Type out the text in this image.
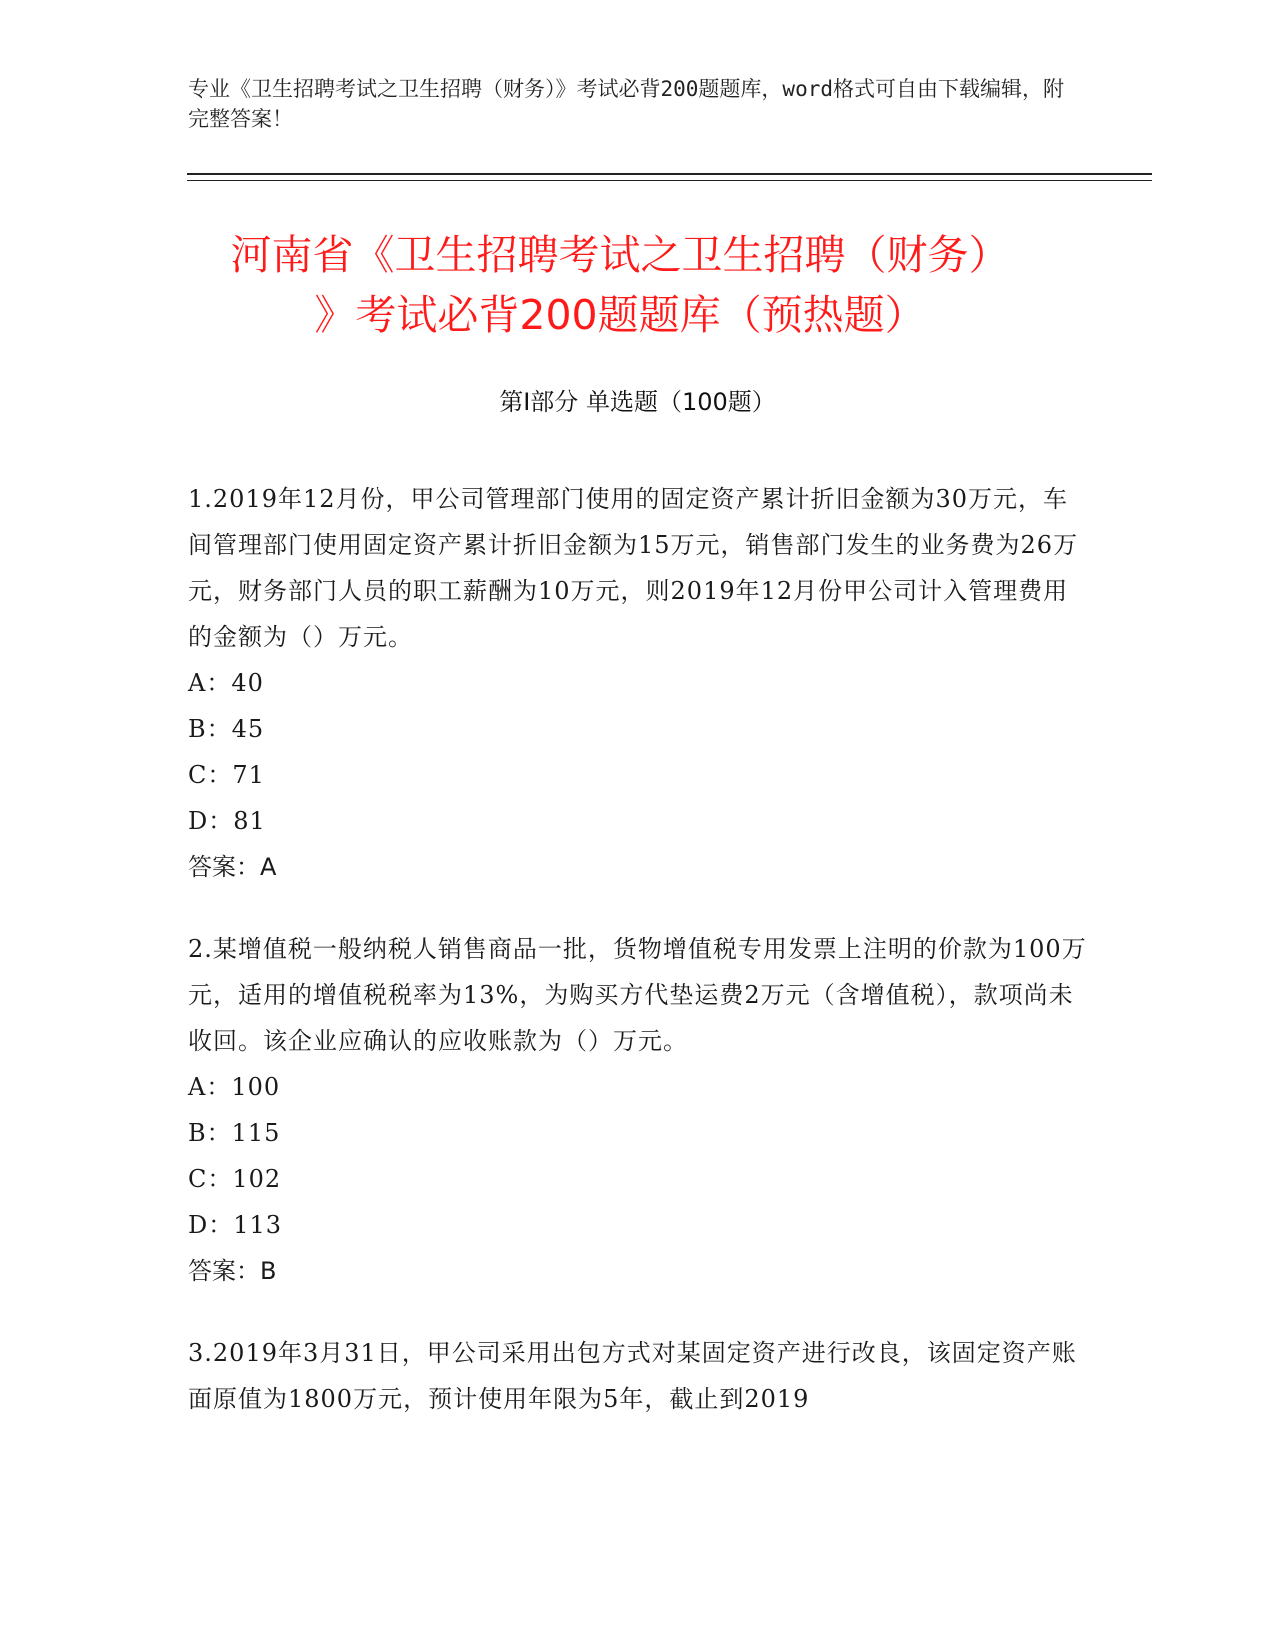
专业《卫生招聘考试之卫生招聘（财务）》考试必背200题题库，word格式可自由下载编辑，附完整答案！
河南省《卫生招聘考试之卫生招聘（财务）
》考试必背200题题库（预热题）
第I部分 单选题（100题）
1.2019年12月份，甲公司管理部门使用的固定资产累计折旧金额为30万元，车间管理部门使用固定资产累计折旧金额为15万元，销售部门发生的业务费为26万元，财务部门人员的职工薪酬为10万元，则2019年12月份甲公司计入管理费用的金额为（）万元。
A：40
B：45
C：71
D：81
答案：A
2.某增值税一般纳税人销售商品一批，货物增值税专用发票上注明的价款为100万元，适用的增值税税率为13%，为购买方代垫运费2万元（含增值税），款项尚未收回。该企业应确认的应收账款为（）万元。
A：100
B：115
C：102
D：113
答案：B
3.2019年3月31日，甲公司采用出包方式对某固定资产进行改良，该固定资产账面原值为1800万元，预计使用年限为5年，截止到2019
